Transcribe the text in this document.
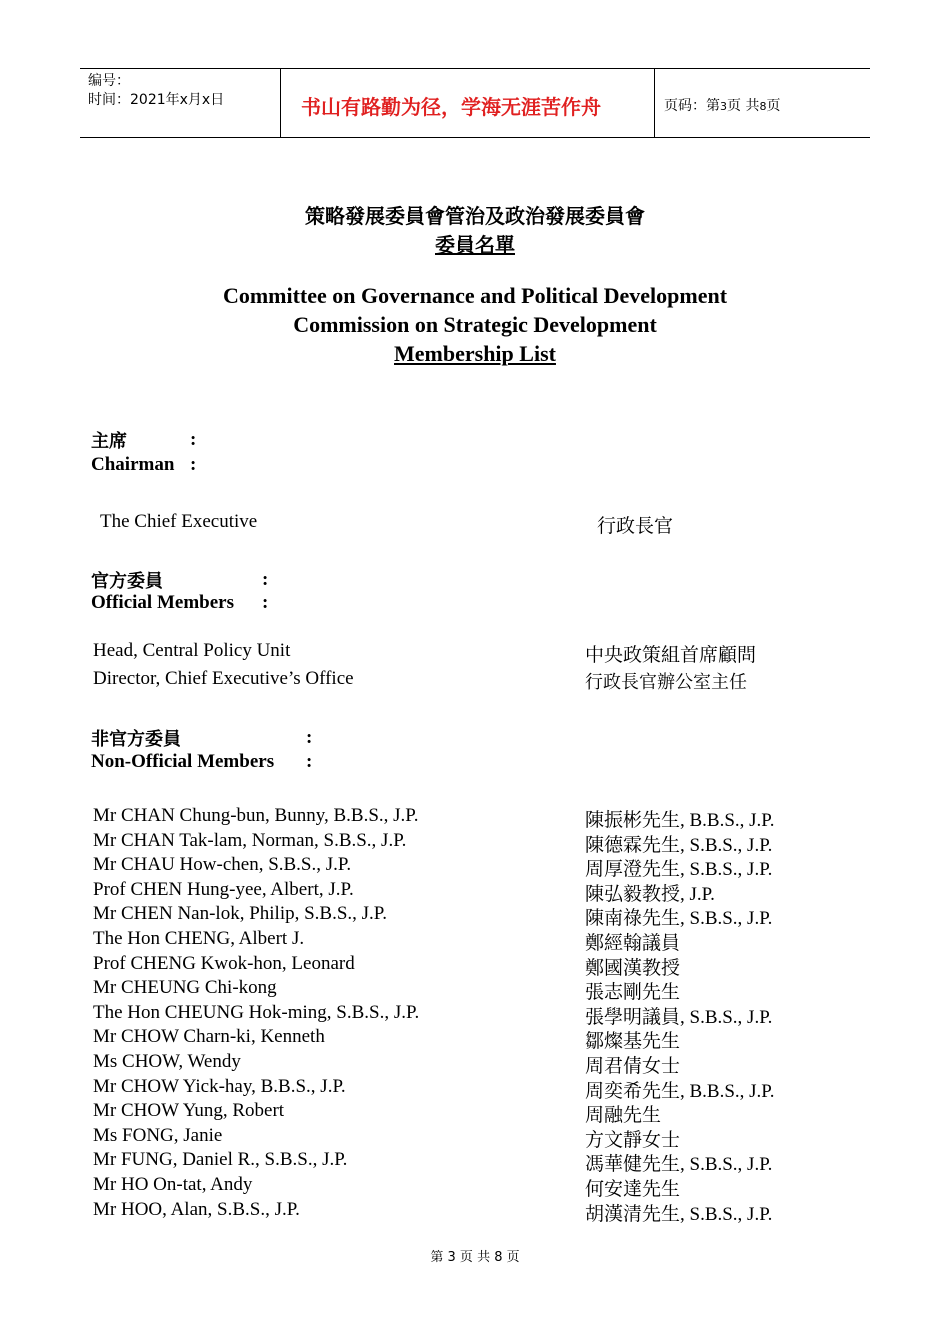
编号：
时间：2021年x月x日	书山有路勤为径，学海无涯苦作舟	页码：第3页 共8页
策略發展委員會管治及政治發展委員會
委員名單
Committee on Governance and Political Development
Commission on Strategic Development
Membership List
主席	:
Chairman :
The Chief Executive	行政長官
官方委員	:
Official Members :
Head, Central Policy Unit	中央政策組首席顧問
Director, Chief Executive’s Office	行政長官辦公室主任
非官方委員	:
Non-Official Members :
Mr CHAN Chung-bun, Bunny, B.B.S., J.P.	陳振彬先生, B.B.S., J.P.
Mr CHAN Tak-lam, Norman, S.B.S., J.P.	陳德霖先生, S.B.S., J.P.
Mr CHAU How-chen, S.B.S., J.P.	周厚澄先生, S.B.S., J.P.
Prof CHEN Hung-yee, Albert, J.P.	陳弘毅教授, J.P.
Mr CHEN Nan-lok, Philip, S.B.S., J.P.	陳南祿先生, S.B.S., J.P.
The Hon CHENG, Albert J.	鄭經翰議員
Prof CHENG Kwok-hon, Leonard	鄭國漢教授
Mr CHEUNG Chi-kong	張志剛先生
The Hon CHEUNG Hok-ming, S.B.S., J.P.	張學明議員, S.B.S., J.P.
Mr CHOW Charn-ki, Kenneth	鄒燦基先生
Ms CHOW, Wendy	周君倩女士
Mr CHOW Yick-hay, B.B.S., J.P.	周奕希先生, B.B.S., J.P.
Mr CHOW Yung, Robert	周融先生
Ms FONG, Janie	方文靜女士
Mr FUNG, Daniel R., S.B.S., J.P.	馮華健先生, S.B.S., J.P.
Mr HO On-tat, Andy	何安達先生
Mr HOO, Alan, S.B.S., J.P.	胡漢清先生, S.B.S., J.P.
第 3 页 共 8 页
